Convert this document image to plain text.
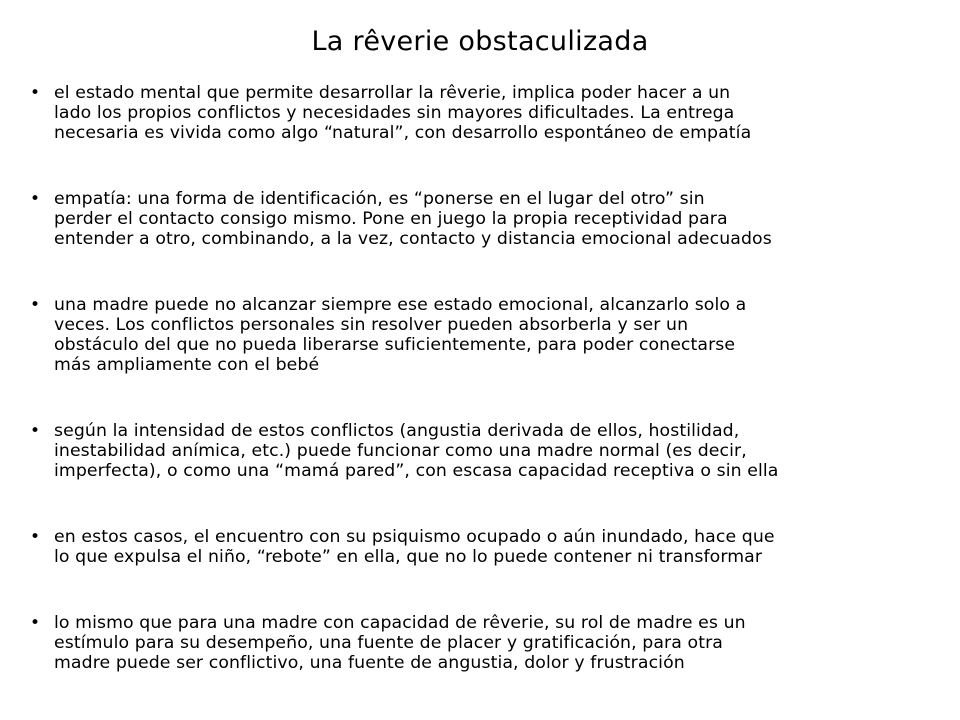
La rêverie obstaculizada
• el estado mental que permite desarrollar la rêverie, implica poder hacer a un
lado los propios conflictos y necesidades sin mayores dificultades. La entrega
necesaria es vivida como algo “natural”, con desarrollo espontáneo de empatía
• empatía: una forma de identificación, es “ponerse en el lugar del otro” sin
perder el contacto consigo mismo. Pone en juego la propia receptividad para
entender a otro, combinando, a la vez, contacto y distancia emocional adecuados
• una madre puede no alcanzar siempre ese estado emocional, alcanzarlo solo a
veces. Los conflictos personales sin resolver pueden absorberla y ser un
obstáculo del que no pueda liberarse suficientemente, para poder conectarse
más ampliamente con el bebé
• según la intensidad de estos conflictos (angustia derivada de ellos, hostilidad,
inestabilidad anímica, etc.) puede funcionar como una madre normal (es decir,
imperfecta), o como una “mamá pared”, con escasa capacidad receptiva o sin ella
• en estos casos, el encuentro con su psiquismo ocupado o aún inundado, hace que
lo que expulsa el niño, “rebote” en ella, que no lo puede contener ni transformar
• lo mismo que para una madre con capacidad de rêverie, su rol de madre es un
estímulo para su desempeño, una fuente de placer y gratificación, para otra
madre puede ser conflictivo, una fuente de angustia, dolor y frustración
